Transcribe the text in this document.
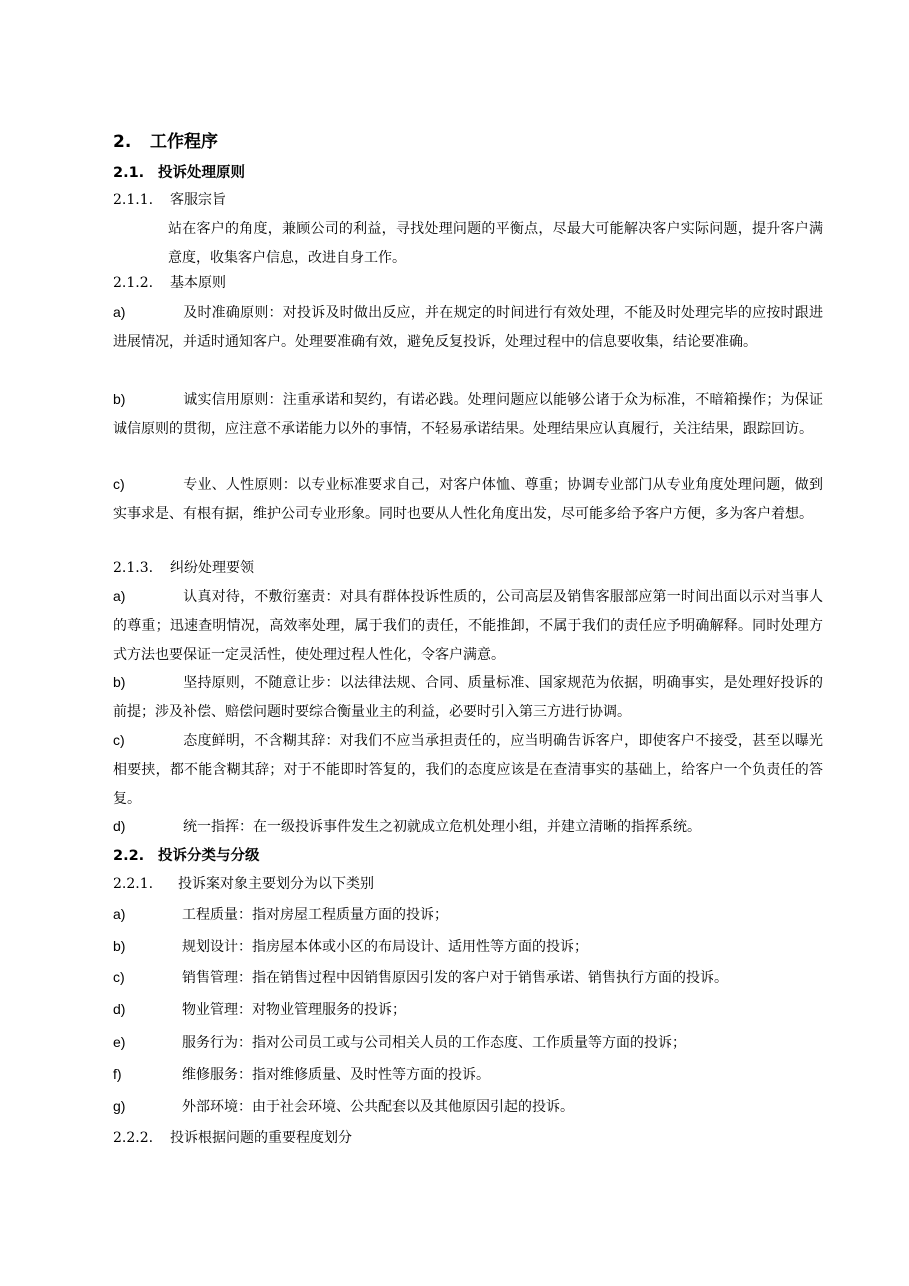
2. 工作程序
2.1. 投诉处理原则
2.1.1. 客服宗旨
站在客户的角度，兼顾公司的利益，寻找处理问题的平衡点，尽最大可能解决客户实际问题，提升客户满意度，收集客户信息，改进自身工作。
2.1.2. 基本原则
a)	及时准确原则：对投诉及时做出反应，并在规定的时间进行有效处理，不能及时处理完毕的应按时跟进进展情况，并适时通知客户。处理要准确有效，避免反复投诉，处理过程中的信息要收集，结论要准确。
b)	诚实信用原则：注重承诺和契约，有诺必践。处理问题应以能够公诸于众为标准，不暗箱操作；为保证诚信原则的贯彻，应注意不承诺能力以外的事情，不轻易承诺结果。处理结果应认真履行，关注结果，跟踪回访。
c)	专业、人性原则：以专业标准要求自己，对客户体恤、尊重；协调专业部门从专业角度处理问题，做到实事求是、有根有据，维护公司专业形象。同时也要从人性化角度出发，尽可能多给予客户方便，多为客户着想。
2.1.3. 纠纷处理要领
a)	认真对待，不敷衍塞责：对具有群体投诉性质的，公司高层及销售客服部应第一时间出面以示对当事人的尊重；迅速查明情况，高效率处理，属于我们的责任，不能推卸，不属于我们的责任应予明确解释。同时处理方式方法也要保证一定灵活性，使处理过程人性化，令客户满意。
b)	坚持原则，不随意让步：以法律法规、合同、质量标准、国家规范为依据，明确事实，是处理好投诉的前提；涉及补偿、赔偿问题时要综合衡量业主的利益，必要时引入第三方进行协调。
c)	态度鲜明，不含糊其辞：对我们不应当承担责任的，应当明确告诉客户，即使客户不接受，甚至以曝光相要挟，都不能含糊其辞；对于不能即时答复的，我们的态度应该是在查清事实的基础上，给客户一个负责任的答复。
d)	统一指挥：在一级投诉事件发生之初就成立危机处理小组，并建立清晰的指挥系统。
2.2. 投诉分类与分级
2.2.1. 投诉案对象主要划分为以下类别
a)	工程质量：指对房屋工程质量方面的投诉；
b)	规划设计：指房屋本体或小区的布局设计、适用性等方面的投诉；
c)	销售管理：指在销售过程中因销售原因引发的客户对于销售承诺、销售执行方面的投诉。
d)	物业管理：对物业管理服务的投诉；
e)	服务行为：指对公司员工或与公司相关人员的工作态度、工作质量等方面的投诉；
f)	维修服务：指对维修质量、及时性等方面的投诉。
g)	外部环境：由于社会环境、公共配套以及其他原因引起的投诉。
2.2.2. 投诉根据问题的重要程度划分
